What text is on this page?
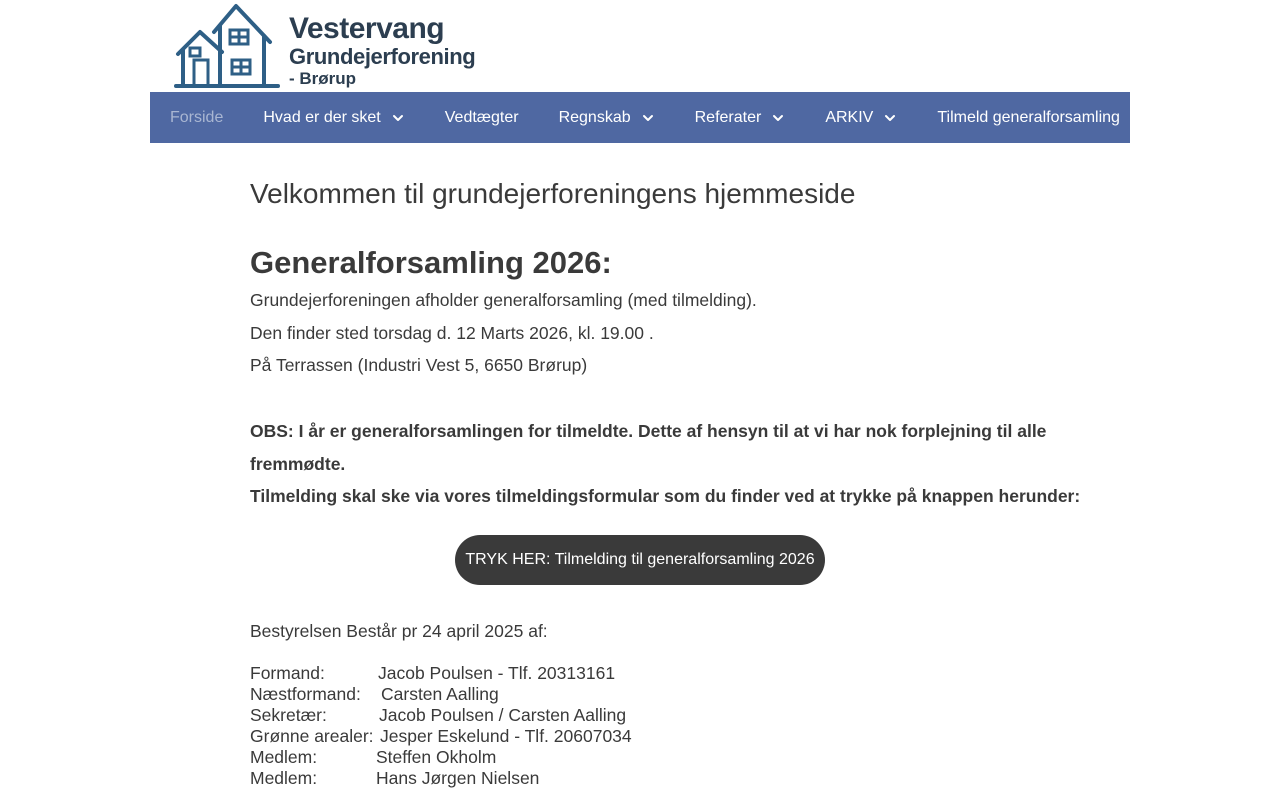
Vestervang
Grundejerforening
- Brørup
Forside	Hvad er der sket	Vedtægter	Regnskab	Referater	ARKIV	Tilmeld generalforsamling
Velkommen til grundejerforeningens hjemmeside
Generalforsamling 2026:

Grundejerforeningen afholder generalforsamling (med tilmelding).

Den finder sted torsdag d. 12 Marts 2026, kl. 19.00 .

På Terrassen (Industri Vest 5, 6650 Brørup)

OBS: I år er generalforsamlingen for tilmeldte. Dette af hensyn til at vi har nok forplejning til alle

fremmødte.

Tilmelding skal ske via vores tilmeldingsformular som du finder ved at trykke på knappen herunder:

TRYK HER: Tilmelding til generalforsamling 2026

Bestyrelsen Består pr 24 april 2025 af:

Formand:	Jacob Poulsen - Tlf. 20313161
Næstformand:	Carsten Aalling
Sekretær:	Jacob Poulsen / Carsten Aalling
Grønne arealer: Jesper Eskelund - Tlf. 20607034
Medlem:	Steffen Okholm
Medlem:	Hans Jørgen Nielsen
